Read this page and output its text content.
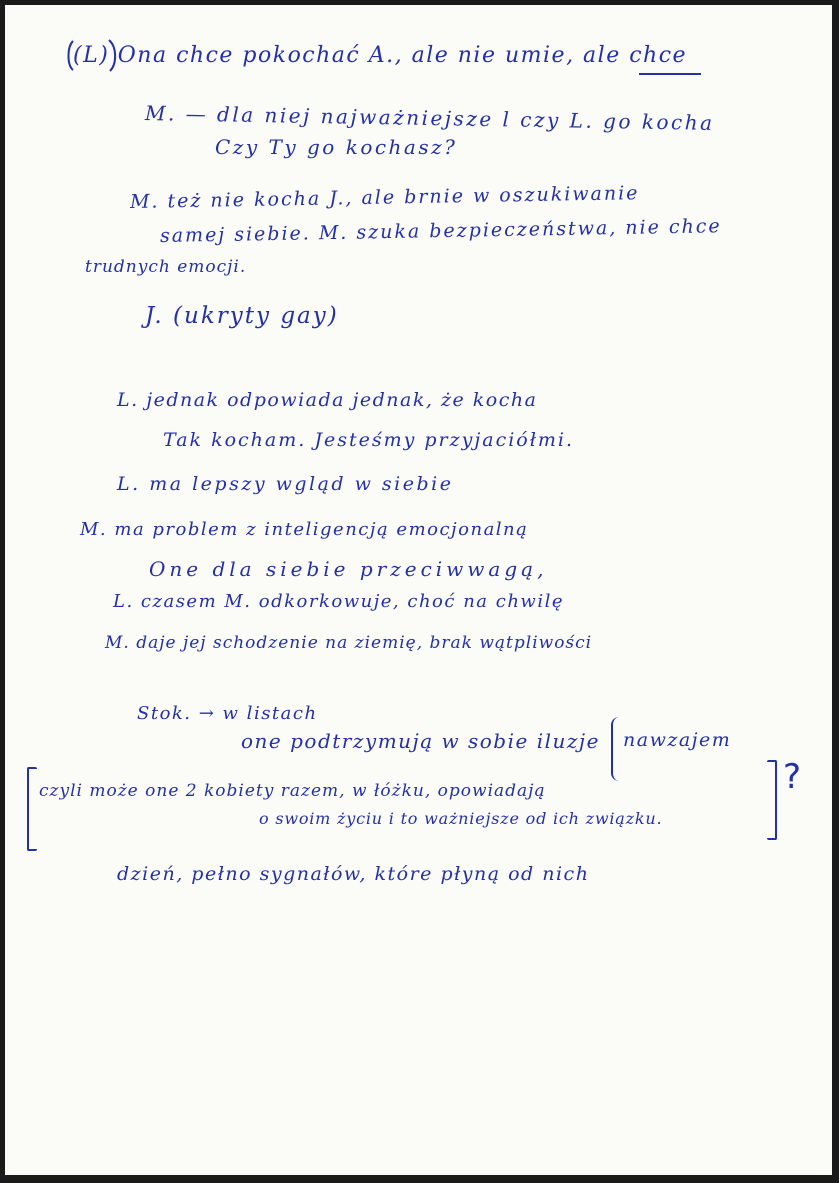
(L) Ona chce pokochać A., ale nie umie, ale chce
M. — dla niej najważniejsze l czy L. go kocha
Czy Ty go kochasz?
M. też nie kocha J., ale brnie w oszukiwanie
samej siebie. M. szuka bezpieczeństwa, nie chce
trudnych emocji.
J. (ukryty gay)
L. jednak odpowiada jednak, że kocha
Tak kocham. Jesteśmy przyjaciółmi.
L. ma lepszy wgląd w siebie
M. ma problem z inteligencją emocjonalną
One dla siebie przeciwwagą,
L. czasem M. odkorkowuje, choć na chwilę
M. daje jej schodzenie na ziemię, brak wątpliwości
Stok. → w listach
one podtrzymują w sobie iluzje nawzajem
czyli może one 2 kobiety razem, w łóżku, opowiadają
o swoim życiu i to ważniejsze od ich związku.
?
dzień, pełno sygnałów, które płyną od nich
